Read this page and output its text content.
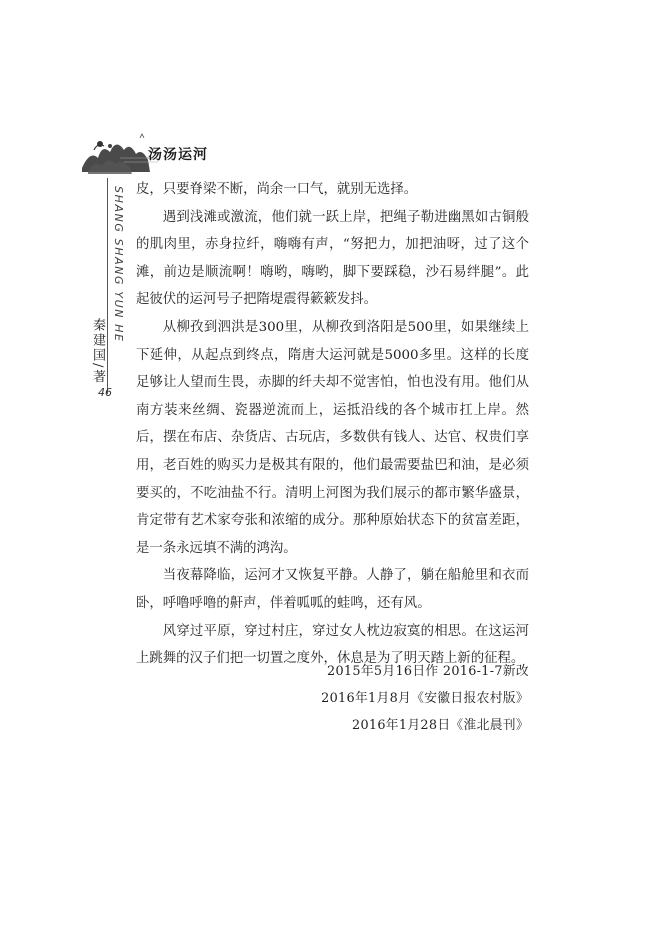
汤汤运河
SHANG SHANG YUN HE
秦建国/著
46

皮，只要脊梁不断，尚余一口气，就别无选择。

遇到浅滩或激流，他们就一跃上岸，把绳子勒进幽黑如古铜般的肌肉里，赤身拉纤，嗨嗨有声，“努把力，加把油呀，过了这个滩，前边是顺流啊！嗨哟，嗨哟，脚下要踩稳，沙石易绊腿”。此起彼伏的运河号子把隋堤震得簌簌发抖。

从柳孜到泗洪是300里，从柳孜到洛阳是500里，如果继续上下延伸，从起点到终点，隋唐大运河就是5000多里。这样的长度足够让人望而生畏，赤脚的纤夫却不觉害怕，怕也没有用。他们从南方装来丝绸、瓷器逆流而上，运抵沿线的各个城市扛上岸。然后，摆在布店、杂货店、古玩店，多数供有钱人、达官、权贵们享用，老百姓的购买力是极其有限的，他们最需要盐巴和油，是必须要买的，不吃油盐不行。清明上河图为我们展示的都市繁华盛景，肯定带有艺术家夸张和浓缩的成分。那种原始状态下的贫富差距，是一条永远填不满的鸿沟。

当夜幕降临，运河才又恢复平静。人静了，躺在船舱里和衣而卧，呼噜呼噜的鼾声，伴着呱呱的蛙鸣，还有风。

风穿过平原，穿过村庄，穿过女人枕边寂寞的相思。在这运河上跳舞的汉子们把一切置之度外，休息是为了明天踏上新的征程。

2015年5月16日作 2016-1-7新改
2016年1月8月《安徽日报农村版》
2016年1月28日《淮北晨刊》
